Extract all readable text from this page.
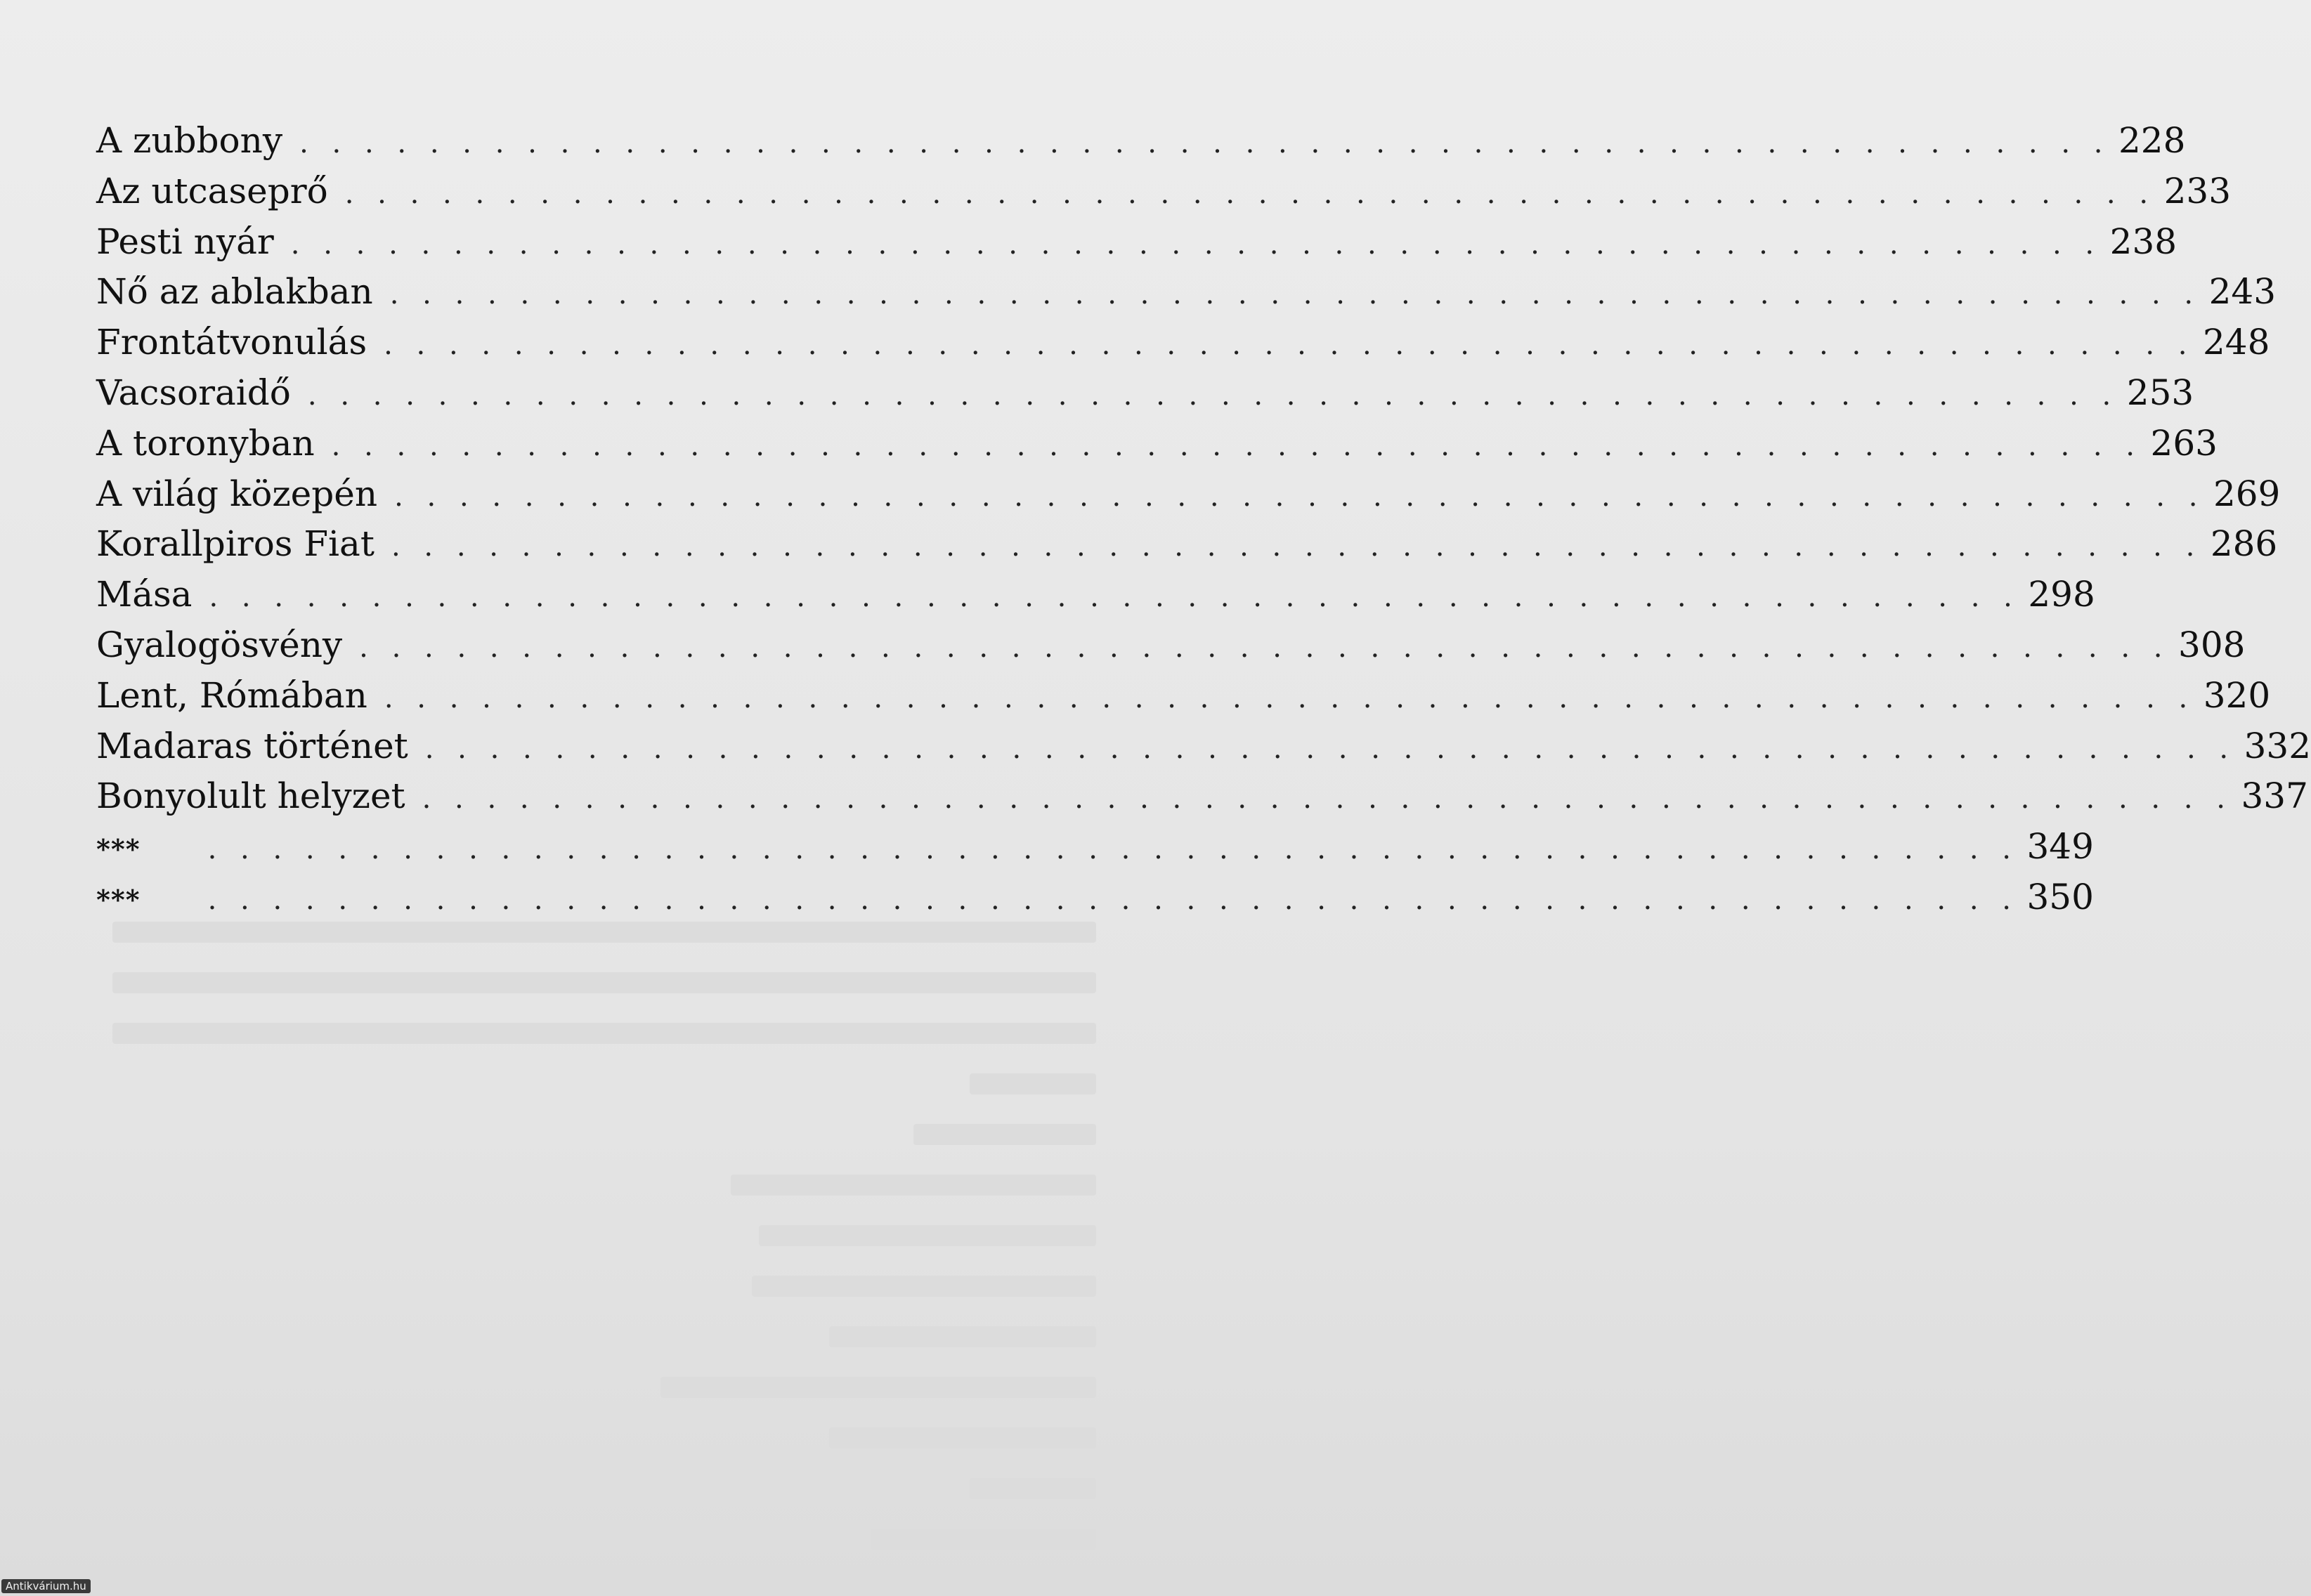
A zubbony . . . . . . . . . . . . . . . . . . . . . . . . . . . . . . . . . . . . . . . . . . . . . . . . . . . . . . . . 228
Az utcaseprő . . . . . . . . . . . . . . . . . . . . . . . . . . . . . . . . . . . . . . . . . . . . . . . . . . . . . . . . 233
Pesti nyár . . . . . . . . . . . . . . . . . . . . . . . . . . . . . . . . . . . . . . . . . . . . . . . . . . . . . . . . 238
Nő az ablakban . . . . . . . . . . . . . . . . . . . . . . . . . . . . . . . . . . . . . . . . . . . . . . . . . . . . . . . . 243
Frontátvonulás . . . . . . . . . . . . . . . . . . . . . . . . . . . . . . . . . . . . . . . . . . . . . . . . . . . . . . . . 248
Vacsoraidő . . . . . . . . . . . . . . . . . . . . . . . . . . . . . . . . . . . . . . . . . . . . . . . . . . . . . . . . 253
A toronyban . . . . . . . . . . . . . . . . . . . . . . . . . . . . . . . . . . . . . . . . . . . . . . . . . . . . . . . . 263
A világ közepén . . . . . . . . . . . . . . . . . . . . . . . . . . . . . . . . . . . . . . . . . . . . . . . . . . . . . . . . 269
Korallpiros Fiat . . . . . . . . . . . . . . . . . . . . . . . . . . . . . . . . . . . . . . . . . . . . . . . . . . . . . . . . 286
Mása . . . . . . . . . . . . . . . . . . . . . . . . . . . . . . . . . . . . . . . . . . . . . . . . . . . . . . . . 298
Gyalogösvény . . . . . . . . . . . . . . . . . . . . . . . . . . . . . . . . . . . . . . . . . . . . . . . . . . . . . . . . 308
Lent, Rómában . . . . . . . . . . . . . . . . . . . . . . . . . . . . . . . . . . . . . . . . . . . . . . . . . . . . . . . . 320
Madaras történet . . . . . . . . . . . . . . . . . . . . . . . . . . . . . . . . . . . . . . . . . . . . . . . . . . . . . . . . 332
Bonyolult helyzet . . . . . . . . . . . . . . . . . . . . . . . . . . . . . . . . . . . . . . . . . . . . . . . . . . . . . . . . 337
***	. . . . . . . . . . . . . . . . . . . . . . . . . . . . . . . . . . . . . . . . . . . . . . . . . . . . . . . . 349
***	. . . . . . . . . . . . . . . . . . . . . . . . . . . . . . . . . . . . . . . . . . . . . . . . . . . . . . . . 350
Antikvárium.hu
